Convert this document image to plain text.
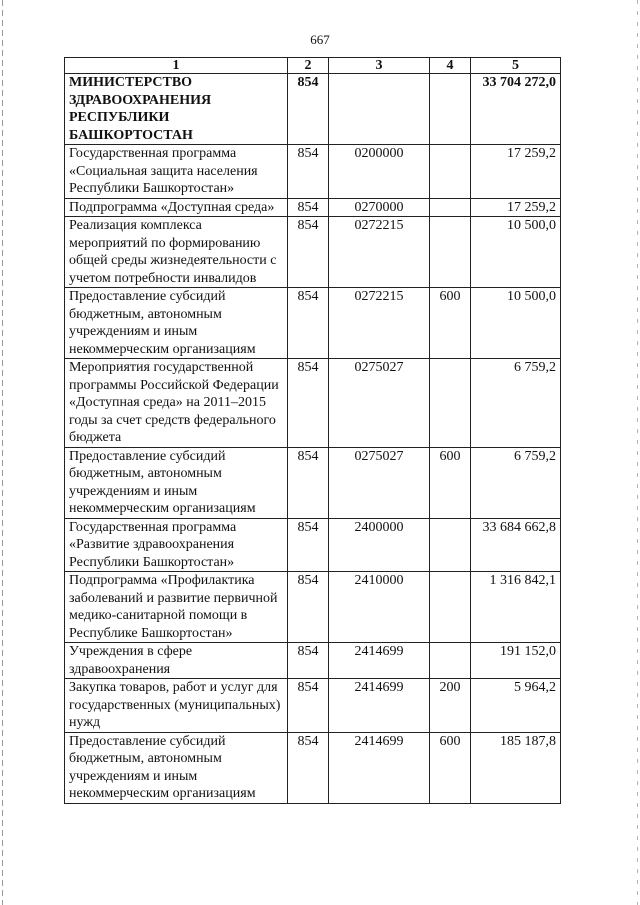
667
1	2	3	4	5
МИНИСТЕРСТВО ЗДРАВООХРАНЕНИЯ РЕСПУБЛИКИ БАШКОРТОСТАН	854			33 704 272,0
Государственная программа «Социальная защита населения Республики Башкортостан»	854	0200000		17 259,2
Подпрограмма «Доступная среда»	854	0270000		17 259,2
Реализация комплекса мероприятий по формированию общей среды жизнедеятельности с учетом потребности инвалидов	854	0272215		10 500,0
Предоставление субсидий бюджетным, автономным учреждениям и иным некоммерческим организациям	854	0272215	600	10 500,0
Мероприятия государственной программы Российской Федерации «Доступная среда» на 2011–2015 годы за счет средств федерального бюджета	854	0275027		6 759,2
Предоставление субсидий бюджетным, автономным учреждениям и иным некоммерческим организациям	854	0275027	600	6 759,2
Государственная программа «Развитие здравоохранения Республики Башкортостан»	854	2400000		33 684 662,8
Подпрограмма «Профилактика заболеваний и развитие первичной медико-санитарной помощи в Республике Башкортостан»	854	2410000		1 316 842,1
Учреждения в сфере здравоохранения	854	2414699		191 152,0
Закупка товаров, работ и услуг для государственных (муниципальных) нужд	854	2414699	200	5 964,2
Предоставление субсидий бюджетным, автономным учреждениям и иным некоммерческим организациям	854	2414699	600	185 187,8
